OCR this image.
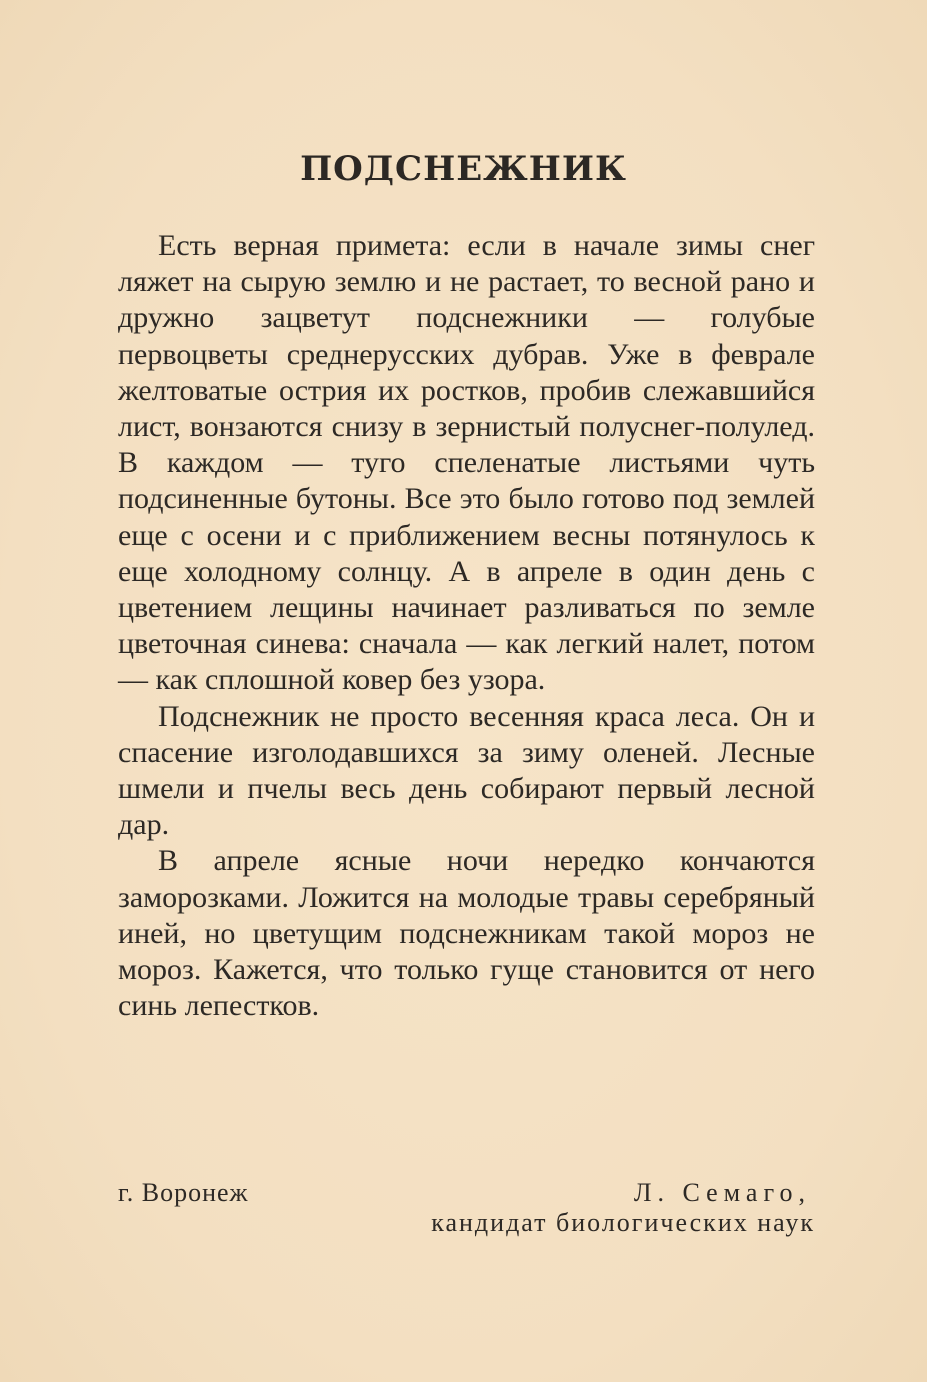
ПОДСНЕЖНИК

Есть верная примета: если в начале зимы снег ляжет на сырую землю и не растает, то весной рано и дружно зацветут подснежники — голубые первоцветы среднерусских дубрав. Уже в феврале желтоватые острия их ростков, пробив слежавшийся лист, вонзаются снизу в зернистый полуснег-полулед. В каждом — туго спеленатые листьями чуть подсиненные бутоны. Все это было готово под землей еще с осени и с приближением весны потянулось к еще холодному солнцу. А в апреле в один день с цветением лещины начинает разливаться по земле цветочная синева: сначала — как легкий налет, потом — как сплошной ковер без узора.

Подснежник не просто весенняя краса леса. Он и спасение изголодавшихся за зиму оленей. Лесные шмели и пчелы весь день собирают первый лесной дар.

В апреле ясные ночи нередко кончаются заморозками. Ложится на молодые травы серебряный иней, но цветущим подснежникам такой мороз не мороз. Кажется, что только гуще становится от него синь лепестков.

г. Воронеж	Л. Семаго,
кандидат биологических наук
